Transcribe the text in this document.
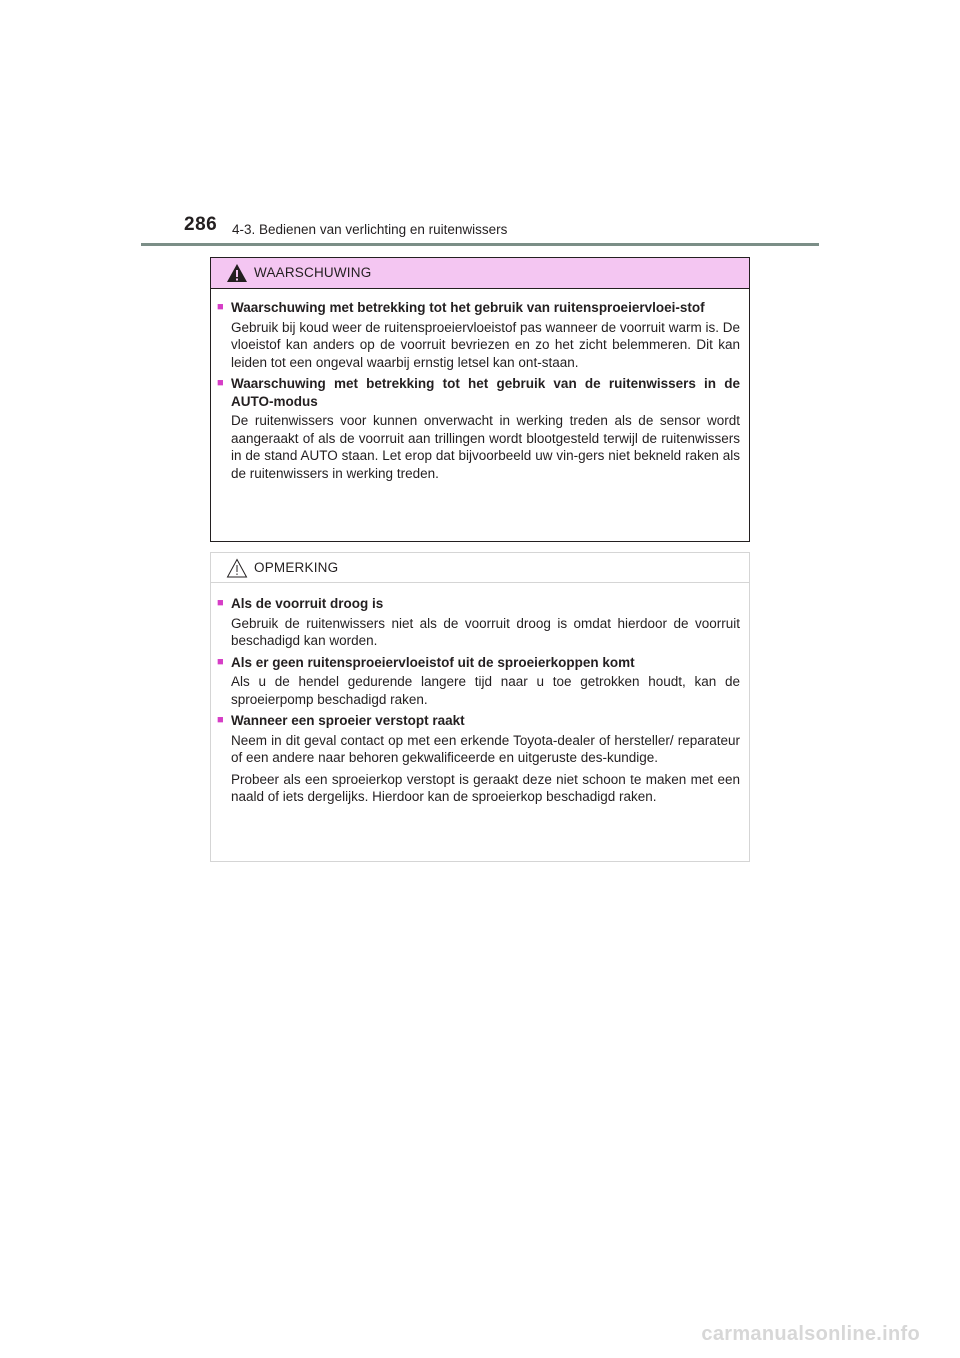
286 4-3. Bedienen van verlichting en ruitenwissers
WAARSCHUWING
■ Waarschuwing met betrekking tot het gebruik van ruitensproeiervloei-stof

Gebruik bij koud weer de ruitensproeiervloeistof pas wanneer de voorruit warm is. De vloeistof kan anders op de voorruit bevriezen en zo het zicht belemmeren. Dit kan leiden tot een ongeval waarbij ernstig letsel kan ont-staan.

■ Waarschuwing met betrekking tot het gebruik van de ruitenwissers in de AUTO-modus

De ruitenwissers voor kunnen onverwacht in werking treden als de sensor wordt aangeraakt of als de voorruit aan trillingen wordt blootgesteld terwijl de ruitenwissers in de stand AUTO staan. Let erop dat bijvoorbeeld uw vin-gers niet bekneld raken als de ruitenwissers in werking treden.

OPMERKING
■ Als de voorruit droog is

Gebruik de ruitenwissers niet als de voorruit droog is omdat hierdoor de voorruit beschadigd kan worden.

■ Als er geen ruitensproeiervloeistof uit de sproeierkoppen komt

Als u de hendel gedurende langere tijd naar u toe getrokken houdt, kan de sproeierpomp beschadigd raken.

■ Wanneer een sproeier verstopt raakt

Neem in dit geval contact op met een erkende Toyota-dealer of hersteller/ reparateur of een andere naar behoren gekwalificeerde en uitgeruste des-kundige.

Probeer als een sproeierkop verstopt is geraakt deze niet schoon te maken met een naald of iets dergelijks. Hierdoor kan de sproeierkop beschadigd raken.

carmanualsonline.info
